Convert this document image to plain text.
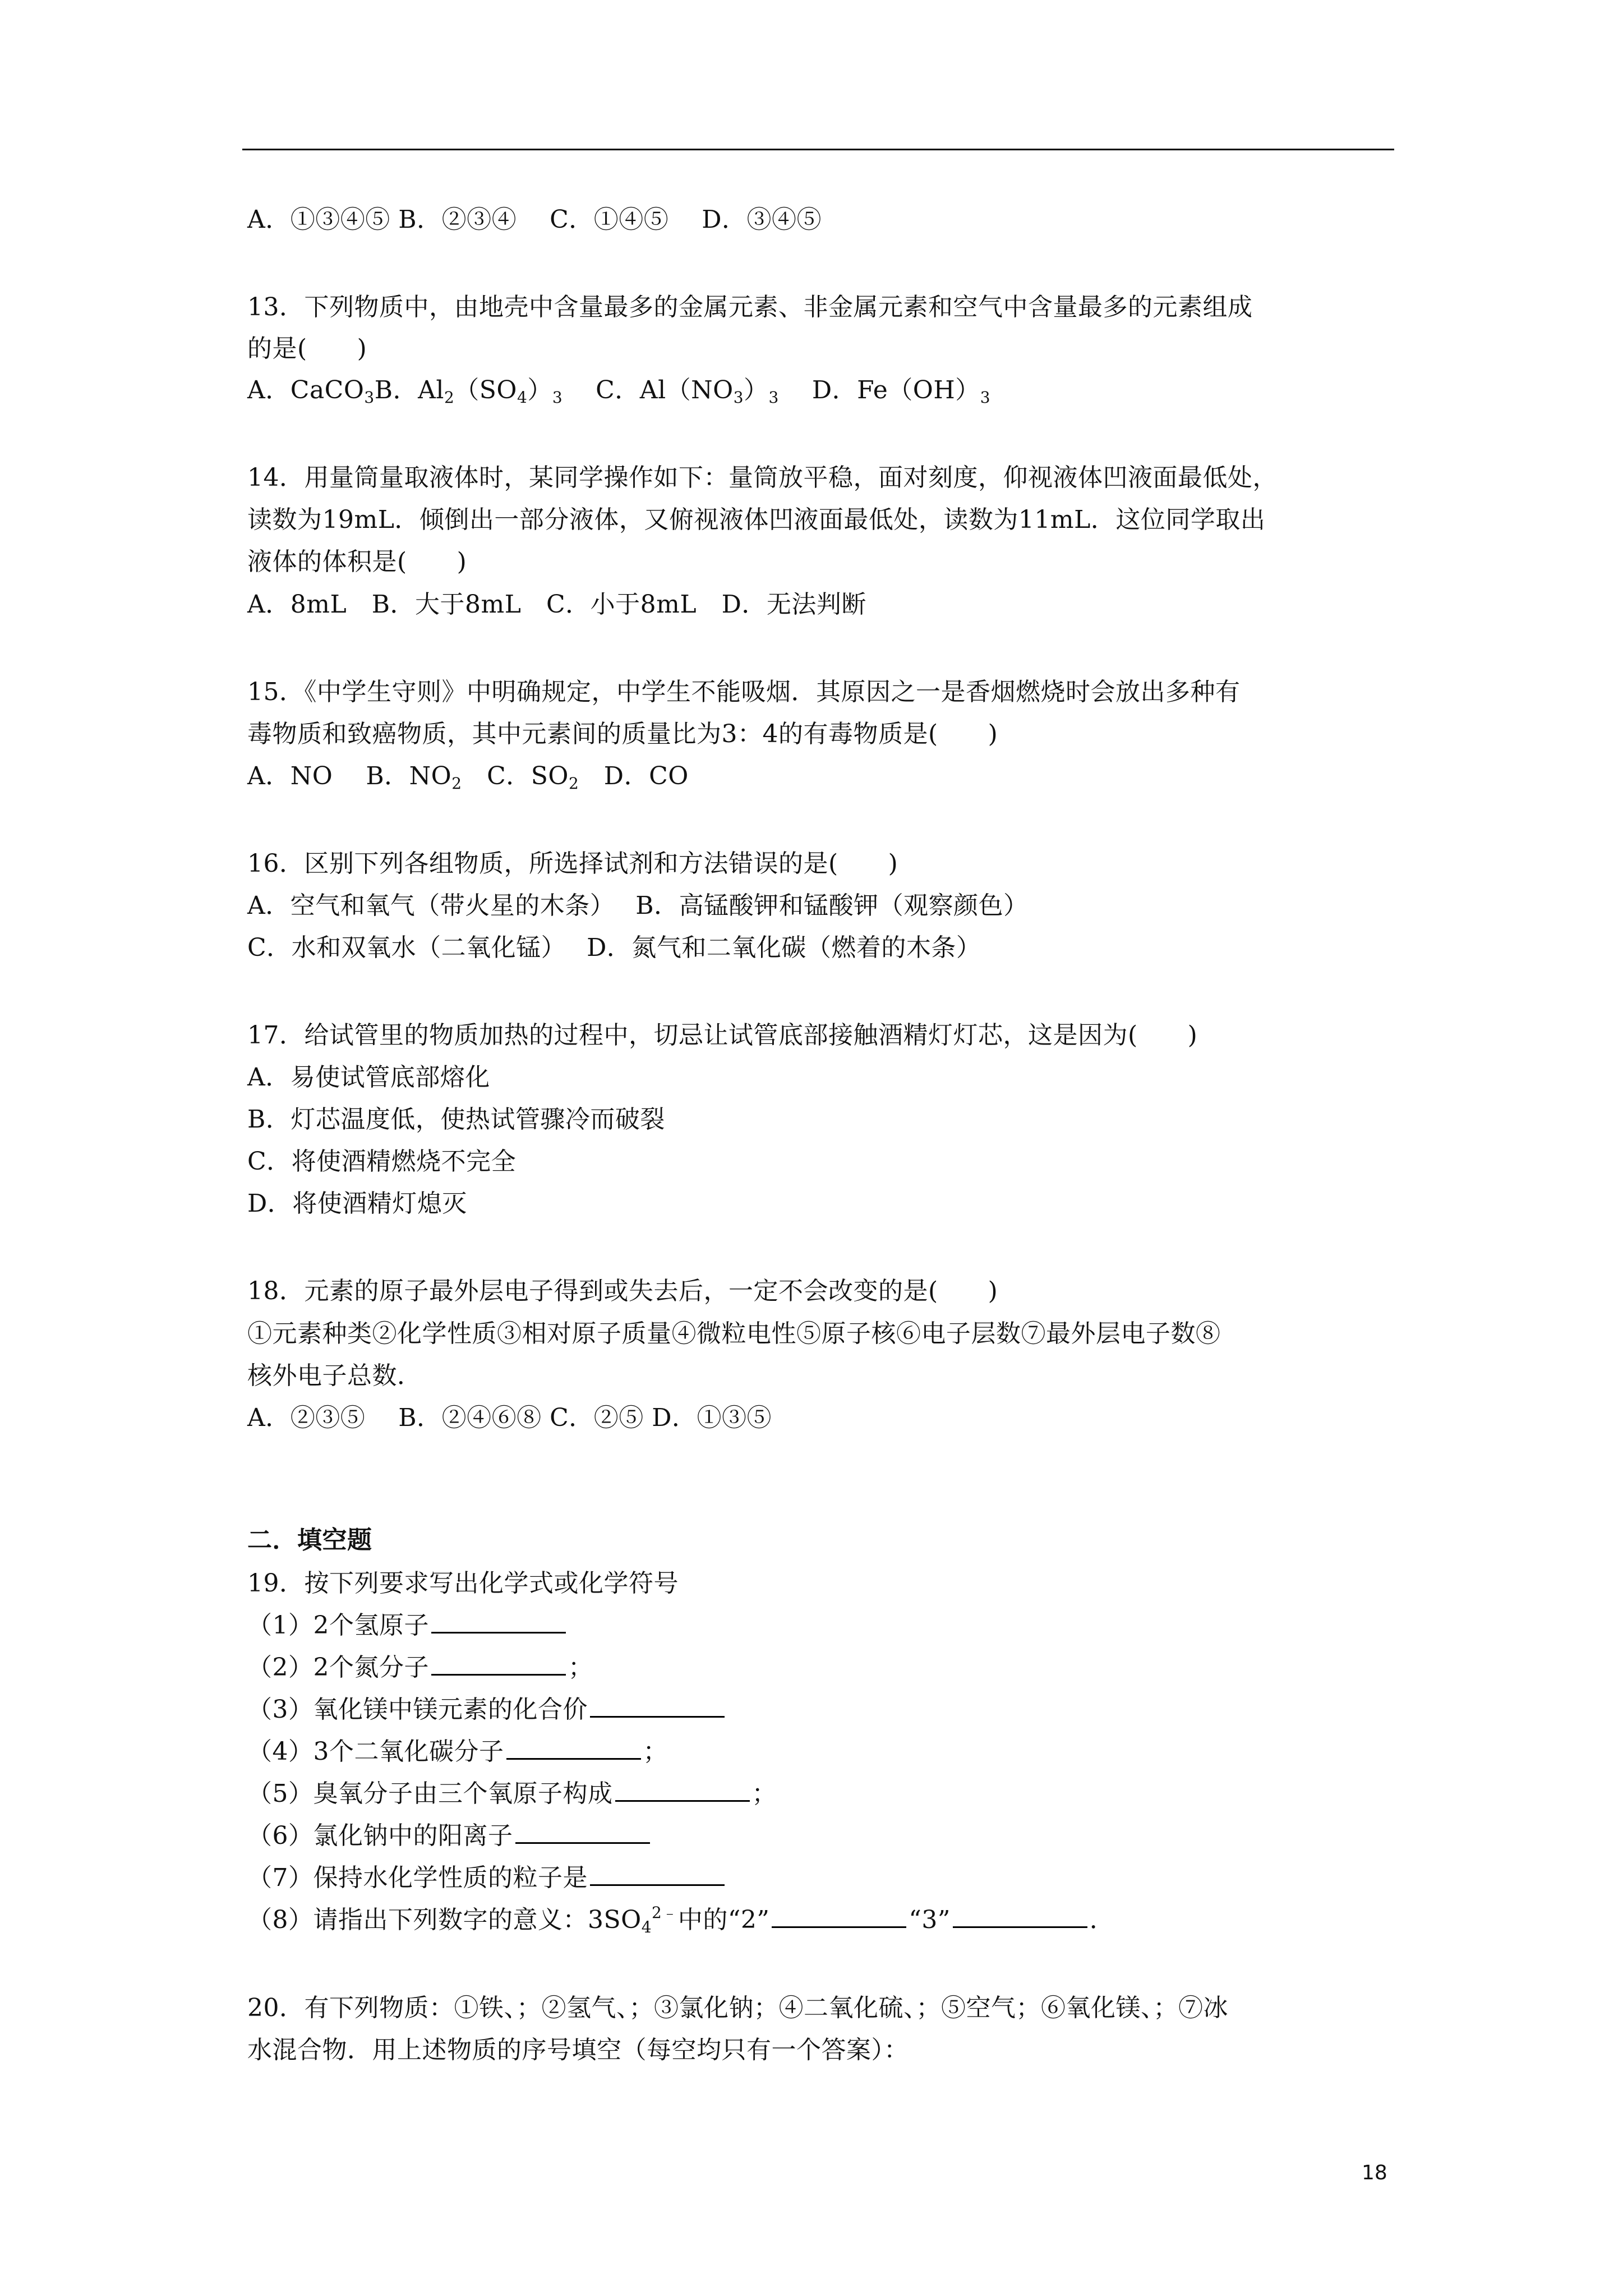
A．①③④⑤ B．②③④　 C．①④⑤　 D．③④⑤
13．下列物质中，由地壳中含量最多的金属元素、非金属元素和空气中含量最多的元素组成
的是(　　)
A．CaCO$_3$B．$Al_2(SO_4)_3$　 C．$Al(NO_3)_3$　 D．$Fe(OH)_3$
14．用量筒量取液体时，某同学操作如下：量筒放平稳，面对刻度，仰视液体凹液面最低处，
读数为19mL．倾倒出一部分液体，又俯视液体凹液面最低处，读数为11mL．这位同学取出
液体的体积是(　　)
A．8mL　B．大于8mL　C．小于8mL　D．无法判断
15．《中学生守则》中明确规定，中学生不能吸烟．其原因之一是香烟燃烧时会放出多种有
毒物质和致癌物质，其中元素间的质量比为3：4的有毒物质是(　　)
A．NO　 B．$NO_2$　C．$SO_2$　D．CO
16．区别下列各组物质，所选择试剂和方法错误的是(　　)
A．空气和氧气（带火星的木条）　 B．高锰酸钾和锰酸钾（观察颜色）
C．水和双氧水（二氧化锰）　 D．氮气和二氧化碳（燃着的木条）
17．给试管里的物质加热的过程中，切忌让试管底部接触酒精灯灯芯，这是因为(　　)
A．易使试管底部熔化
B．灯芯温度低，使热试管骤冷而破裂
C．将使酒精燃烧不完全
D．将使酒精灯熄灭
18．元素的原子最外层电子得到或失去后，一定不会改变的是(　　)
①元素种类②化学性质③相对原子质量④微粒电性⑤原子核⑥电子层数⑦最外层电子数⑧
核外电子总数．
A．②③⑤　 B．②④⑥⑧ C．②⑤ D．①③⑤
二．填空题
19．按下列要求写出化学式或化学符号
（1）2个氢原子
（2）2个氮分子	；
（3）氧化镁中镁元素的化合价
（4）3个二氧化碳分子	；
（5）臭氧分子由三个氧原子构成	；
（6）氯化钠中的阳离子
（7）保持水化学性质的粒子是
（8）请指出下列数字的意义：$3SO_4^{2﹣}$中的“2”	“3”	．
20．有下列物质：①铁、；②氢气、；③氯化钠；④二氧化硫、；⑤空气；⑥氧化镁、；⑦冰
水混合物．用上述物质的序号填空（每空均只有一个答案）：
18
